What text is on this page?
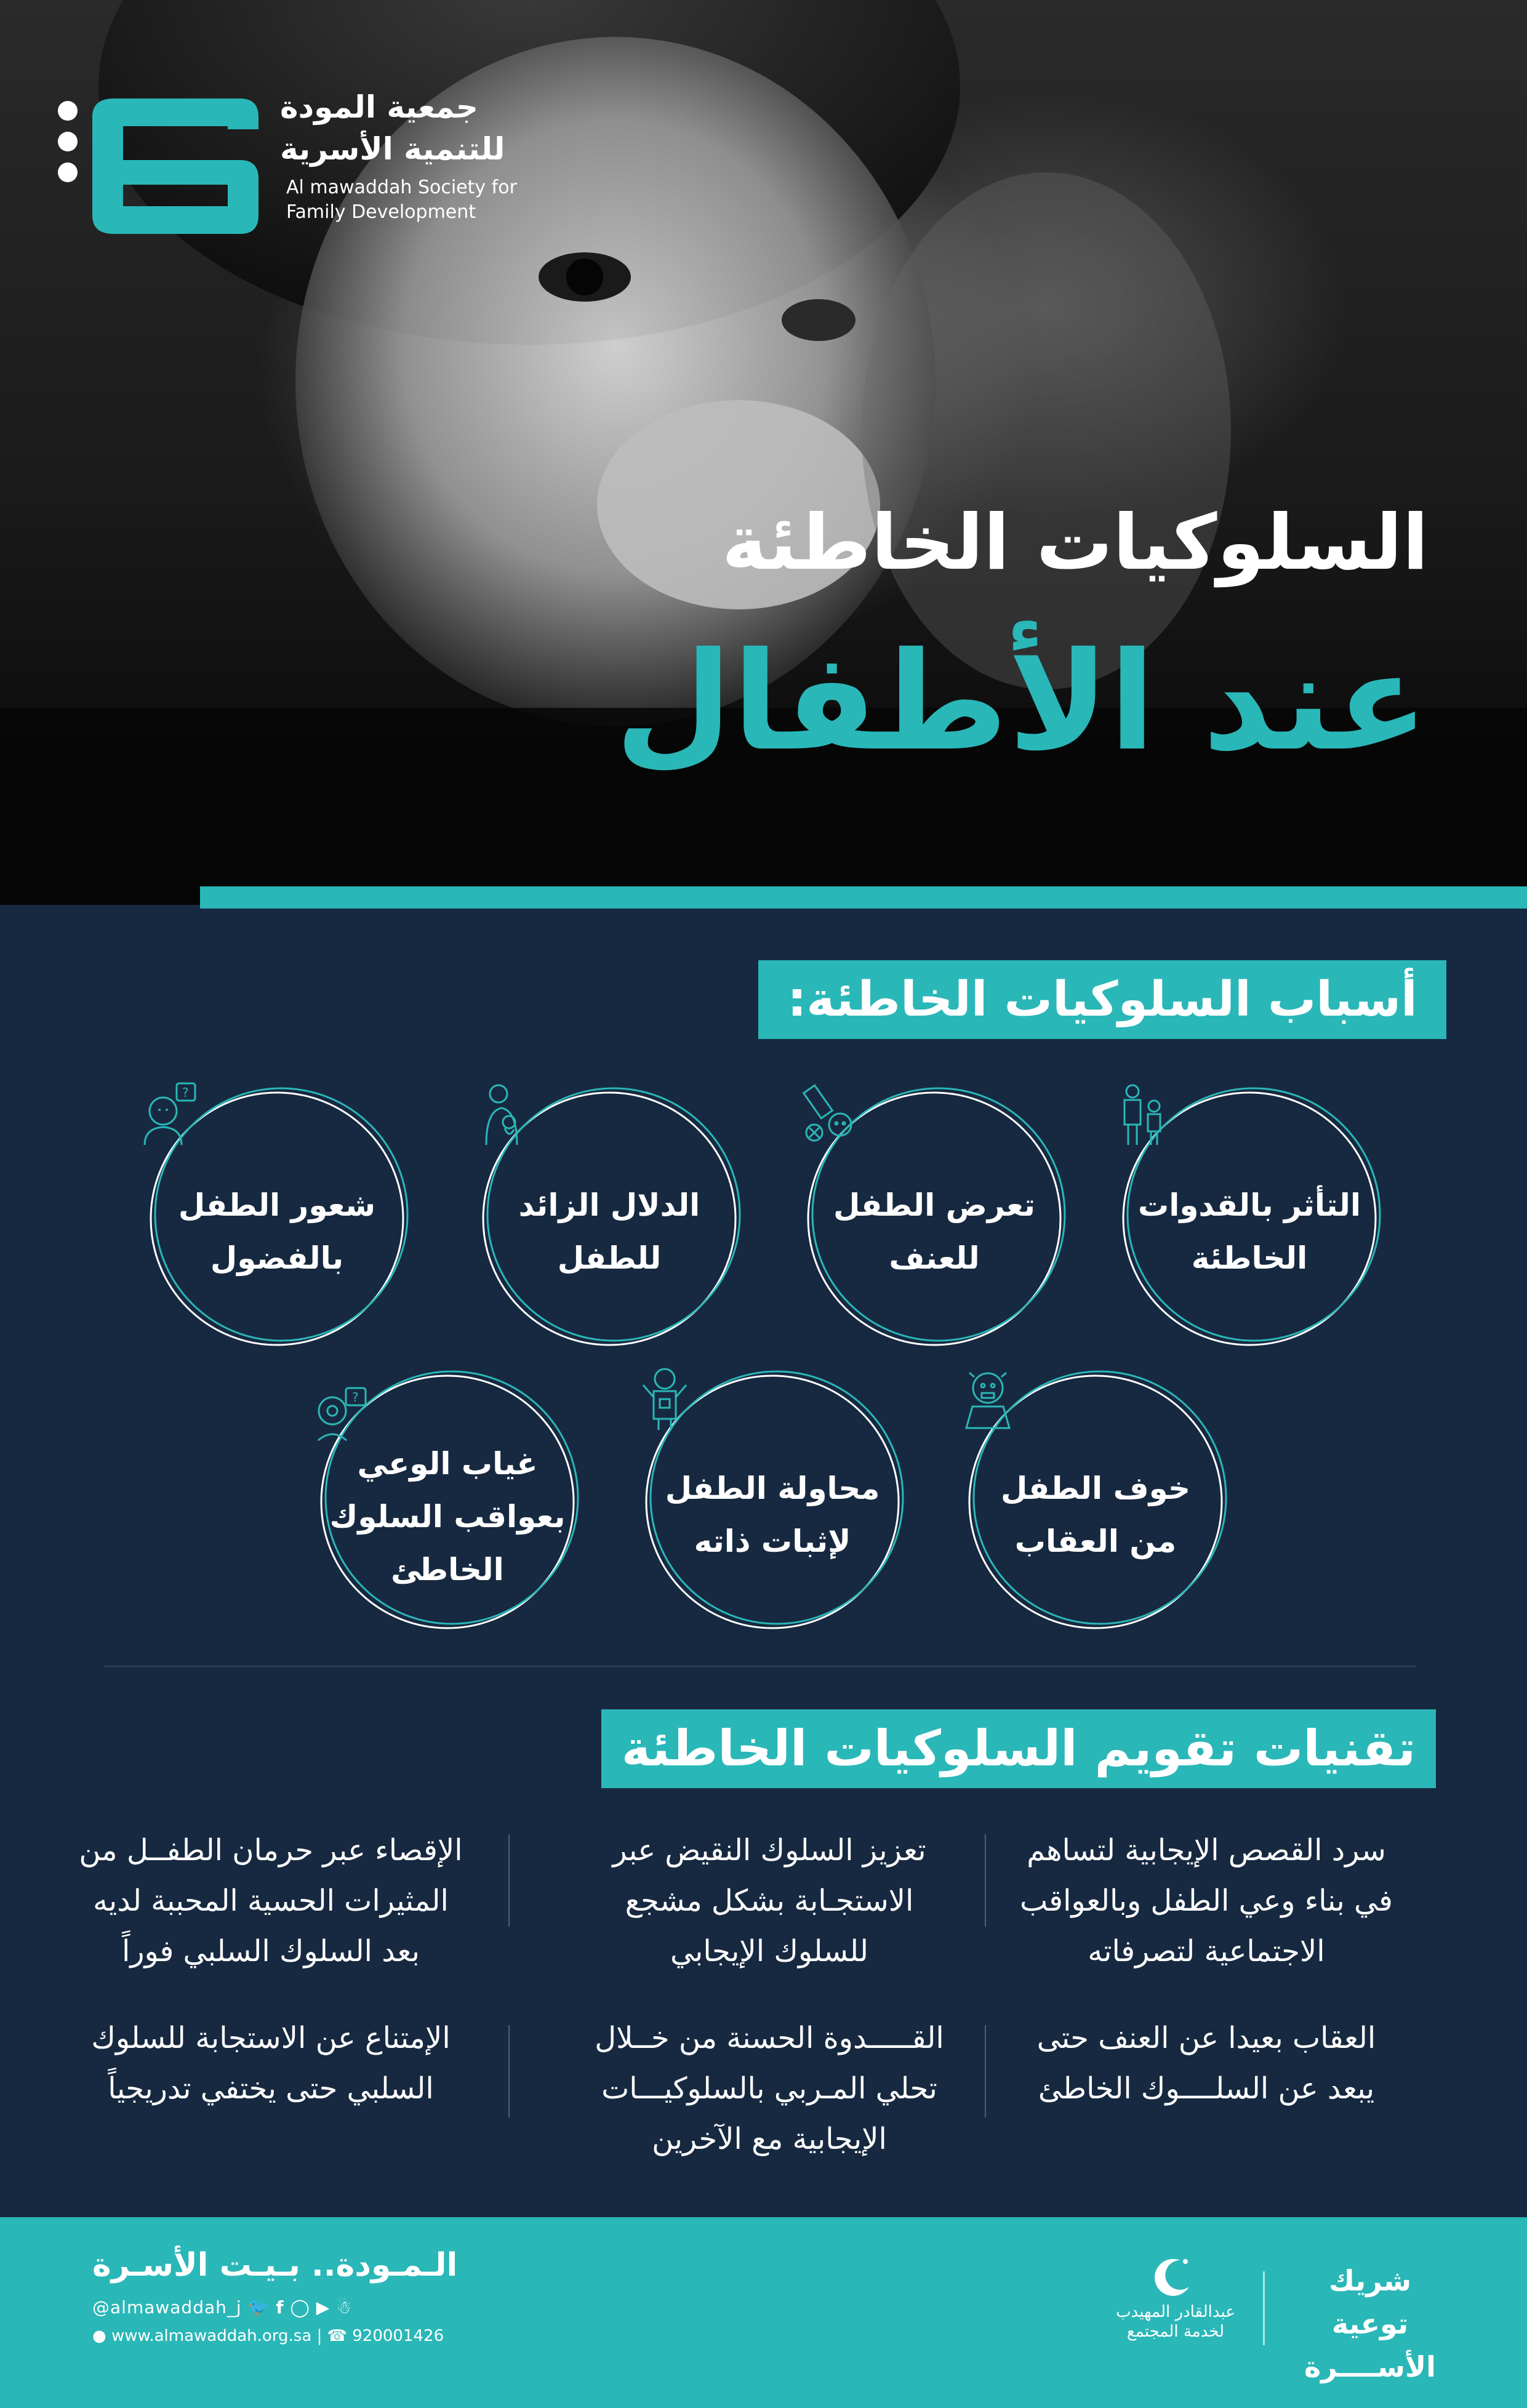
جمعية المودة
للتنمية الأسرية
Al mawaddah Society for
Family Development
السلوكيات الخاطئة
عند الأطفال
أسباب السلوكيات الخاطئة:
التأثر بالقدوات
الخاطئة
تعرض الطفل
للعنف
الدلال الزائد
للطفل
?
شعور الطفل
بالفضول
خوف الطفل
من العقاب
محاولة الطفل
لإثبات ذاته
?
غياب الوعي
بعواقب السلوك
الخاطئ
تقنيات تقويم السلوكيات الخاطئة
سرد القصص الإيجابية لتساهم
في بناء وعي الطفل وبالعواقب
الاجتماعية لتصرفاته
تعزيز السلوك النقيض عبر
الاستجـابة بشكل مشجع
للسلوك الإيجابي
الإقصاء عبر حرمان الطفــل من
المثيرات الحسية المحببة لديه
بعد السلوك السلبي فوراً
العقاب بعيدا عن العنف حتى
يبعد عن السلــــوك الخاطئ
القـــــدوة الحسنة من خــلال
تحلي المـربي بالسلوكيـــات
الإيجابية مع الآخرين
الإمتناع عن الاستجابة للسلوك
السلبي حتى يختفي تدريجياً
الـمـودة.. بـيـت الأسـرة
@almawaddah_j 🐦 f ◯ ▶ ☃
● www.almawaddah.org.sa | ☎ 920001426
عبدالقادر المهيدب
لخدمة المجتمع
شريك توعية
الأســــرة
